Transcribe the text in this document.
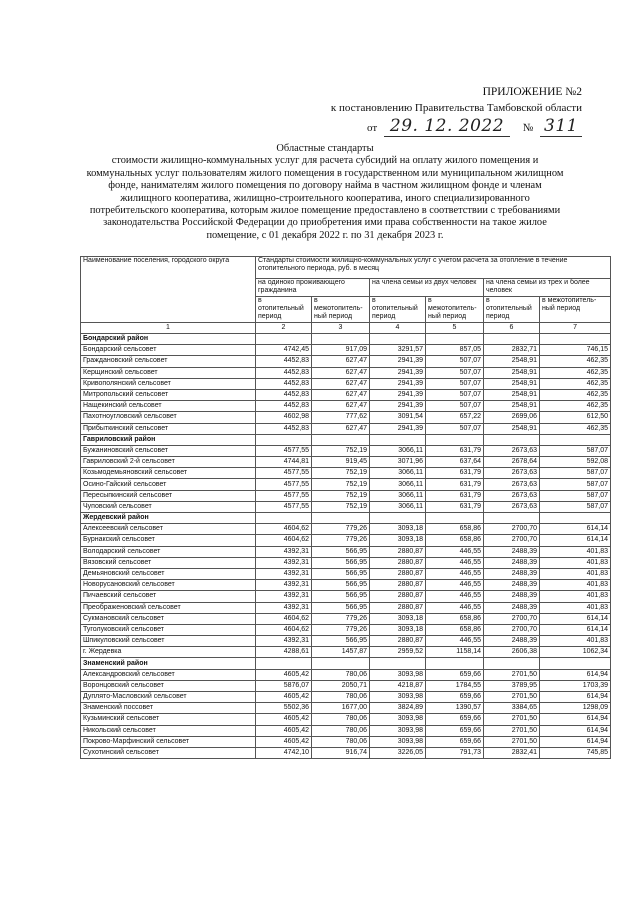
ПРИЛОЖЕНИЕ №2
к постановлению Правительства Тамбовской области
от 29. 12. 2022 № 311
Областные стандарты
стоимости жилищно-коммунальных услуг для расчета субсидий на оплату жилого помещения и
коммунальных услуг пользователям жилого помещения в государственном или муниципальном жилищном
фонде, нанимателям жилого помещения по договору найма в частном жилищном фонде и членам
жилищного кооператива, жилищно-строительного кооператива, иного специализированного
потребительского кооператива, которым жилое помещение предоставлено в соответствии с требованиями
законодательства Российской Федерации до приобретения ими права собственности на такое жилое
помещение, с 01 декабря 2022 г. по 31 декабря 2023 г.
Наименование поселения, городского округа	Стандарты стоимости жилищно-коммунальных услуг с учетом расчета за отопление в течение отопительного периода, руб. в месяц					
	на одиноко проживающего гражданина		на члена семьи из двух человек		на члена семьи из трех и более человек	
	в отопительный период	в межотопитель-ный период	в отопительный период	в межотопитель-ный период	в отопительный период	в межотопитель-ный период
1	2	3	4	5	6	7
Бондарский район						
Бондарский сельсовет	4742,45	917,09	3291,57	857,05	2832,71	746,15
Граждановский сельсовет	4452,83	627,47	2941,39	507,07	2548,91	462,35
Керщинский сельсовет	4452,83	627,47	2941,39	507,07	2548,91	462,35
Кривополянский сельсовет	4452,83	627,47	2941,39	507,07	2548,91	462,35
Митропольский сельсовет	4452,83	627,47	2941,39	507,07	2548,91	462,35
Нащекинский сельсовет	4452,83	627,47	2941,39	507,07	2548,91	462,35
Пахотноугловский сельсовет	4602,98	777,62	3091,54	657,22	2699,06	612,50
Прибыткинский сельсовет	4452,83	627,47	2941,39	507,07	2548,91	462,35
Гавриловский район						
Бужаниновский сельсовет	4577,55	752,19	3066,11	631,79	2673,63	587,07
Гавриловский 2-й сельсовет	4744,81	919,45	3071,96	637,64	2678,64	592,08
Козьмодемьяновский сельсовет	4577,55	752,19	3066,11	631,79	2673,63	587,07
Осино-Гайский сельсовет	4577,55	752,19	3066,11	631,79	2673,63	587,07
Пересыпкинский сельсовет	4577,55	752,19	3066,11	631,79	2673,63	587,07
Чуповский сельсовет	4577,55	752,19	3066,11	631,79	2673,63	587,07
Жердевский район						
Алексеевский сельсовет	4604,62	779,26	3093,18	658,86	2700,70	614,14
Бурнакский сельсовет	4604,62	779,26	3093,18	658,86	2700,70	614,14
Володарский сельсовет	4392,31	566,95	2880,87	446,55	2488,39	401,83
Вязовский сельсовет	4392,31	566,95	2880,87	446,55	2488,39	401,83
Демьяновский сельсовет	4392,31	566,95	2880,87	446,55	2488,39	401,83
Новорусановский сельсовет	4392,31	566,95	2880,87	446,55	2488,39	401,83
Пичаевский сельсовет	4392,31	566,95	2880,87	446,55	2488,39	401,83
Преображеновский сельсовет	4392,31	566,95	2880,87	446,55	2488,39	401,83
Сукмановский сельсовет	4604,62	779,26	3093,18	658,86	2700,70	614,14
Туголуковский сельсовет	4604,62	779,26	3093,18	658,86	2700,70	614,14
Шпикуловский сельсовет	4392,31	566,95	2880,87	446,55	2488,39	401,83
г. Жердевка	4288,61	1457,87	2959,52	1158,14	2606,38	1062,34
Знаменский район						
Александровский сельсовет	4605,42	780,06	3093,98	659,66	2701,50	614,94
Воронцовский сельсовет	5876,07	2050,71	4218,87	1784,55	3789,95	1703,39
Дуплято-Масловский сельсовет	4605,42	780,06	3093,98	659,66	2701,50	614,94
Знаменский поссовет	5502,36	1677,00	3824,89	1390,57	3384,65	1298,09
Кузьминский сельсовет	4605,42	780,06	3093,98	659,66	2701,50	614,94
Никольский сельсовет	4605,42	780,06	3093,98	659,66	2701,50	614,94
Покрово-Марфинский сельсовет	4605,42	780,06	3093,98	659,66	2701,50	614,94
Сухотинский сельсовет	4742,10	916,74	3226,05	791,73	2832,41	745,85
